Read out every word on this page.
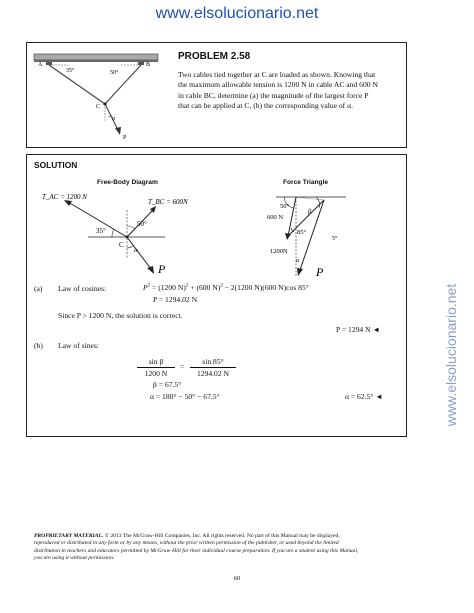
www.elsolucionario.net
www.elsolucionario.net
A	B
C
P
35°	50°
α
PROBLEM 2.58
Two cables tied together at C are loaded as shown. Knowing that
the maximum allowable tension is 1200 N in cable AC and 600 N
in cable BC, determine (a) the magnitude of the largest force P
that can be applied at C, (b) the corresponding value of α.
SOLUTION
Free-Body Diagram	Force Triangle
T_AC = 1200 N
T_BC = 600N
35°
50°
C
α
P
50°
600 N
β
85°
1200N
α
5°
P
(a) Law of cosines:	$P^2 = (1200$ N)$^2$ + (600 N)$^2$ − 2(1200 N)(600 N)cos 85°
P = 1294.02 N
Since P > 1200 N, the solution is correct.
P = 1294 N ◄
(b) Law of sines:
$\frac{\text{sin β}}{1200 N} = \frac{\sin 85^\circ}{1294.02 N}$
β = 67.5°
α = 180° − 50° − 67.5°	α = 62.5° ◄
PROPRIETARY MATERIAL. © 2013 The McGraw-Hill Companies, Inc. All rights reserved. No part of this Manual may be displayed,
reproduced or distributed in any form or by any means, without the prior written permission of the publisher, or used beyond the limited
distribution to teachers and educators permitted by McGraw-Hill for their individual course preparation. If you are a student using this Manual,
you are using it without permission.
60
